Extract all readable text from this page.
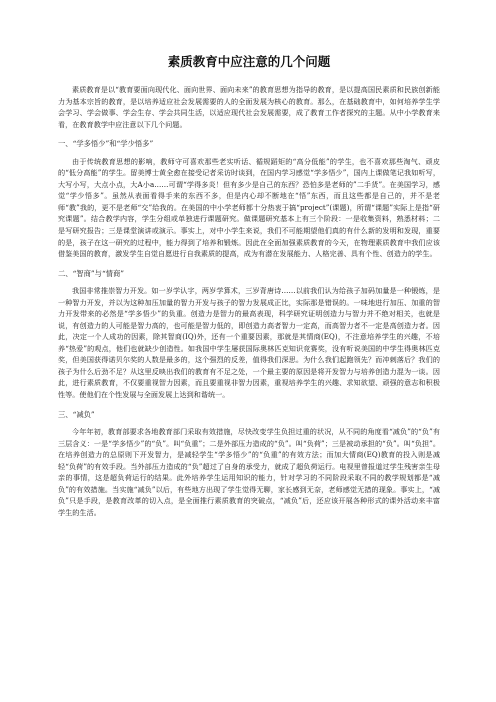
素质教育中应注意的几个问题

素质教育是以“教育要面向现代化、面向世界、面向未来”的教育思想为指导的教育，是以提高国民素质和民族创新能力为基本宗旨的教育，是以培养适应社会发展需要的人的全面发展为核心的教育。那么，在基础教育中，如何培养学生学会学习、学会做事、学会生存、学会共同生活，以适应现代社会发展需要，成了教育工作者探究的主题。从中小学教育来看，在教育教学中应注意以下几个问题。

一、“学多悟少”和“学少悟多”

由于传统教育思想的影响，教师守可喜欢那些老实听话、循规蹈矩的“高分低能”的学生，也不喜欢那些淘气、顽皮的“低分高能”的学生。留美博士黄全愈在接受记者采访时谈到，在国内学习感觉“学多悟少”，国内上课做笔记我如听写，大写小写，大点小点，大A小a……可谓“学得多炎！但有多少是自己的东西？恐怕多是老师的”二手货”。在美国学习，感觉“学少悟多”。虽然从表面看得手来的东西不多，但是内心却不断地在“悟”东西，而且这些都是自己的，并不是老师“教”我的，更不是老师“交”给我的。在美国的中小学老师都十分热衷于搞“project”(课题)，所谓“课题”实际上是指“研究课题”。结合教学内容，学生分组或单独进行课题研究。做课题研究基本上有三个阶段：一是收集资料，熟悉材料；二是写研究报告；三是课堂演讲或演示。事实上，对中小学生来说，我们不可能期望他们真的有什么新的发明和发现，重要的是，孩子在这一研究的过程中，能力得到了培养和锻炼。因此在全面加强素质教育的今天，在物理素质教育中我们应该借鉴美国的教育，激发学生自觉自愿进行自我素质的提高，成为有潜在发展能力、人格完善、具有个性、创造力的学生。

二、“智商”与“情商”

我国非常推崇智力开发。如一岁学认字，两岁学算术，三岁背唐诗……以前我们认为给孩子加码加量是一种锻炼，是一种智力开发，并以为这种加压加量的智力开发与孩子的智力发展成正比，实际那是错误的。一味地进行加压、加重的智力开发带来的必然是“学多悟少”的负重。创造力是智力的最高表现，科学研究证明创造力与智力并不绝对相关，也就是说，有创造力的人可能是智力高的，也可能是智力低的，即创造力高者智力一定高，而高智力者不一定是高创造力者。因此，决定一个人成功的因素，除其智商(IQ)外，还有一个重要因素，那就是其情商(EQ)，不注意培养学生的兴趣，不培养“热爱”的观点，他们也就缺少创造性。如我国中学生屡获国际奥林匹克知识竞赛奖，没有听说美国的中学生得奥林匹克奖，但美国获得诺贝尔奖的人数是最多的，这个强烈的反差，值得我们深思。为什么我们起跑领先？而冲刺落后？我们的孩子为什么后劲不足？从这里反映出我们的教育有不足之处，一个最主要的原因是将开发智力与培养创造力混为一谈。因此，进行素质教育，不仅要重视智力因素，而且要重视非智力因素，重视培养学生的兴趣、求知欲望、顽强的意志和积极性等。使他们在个性发展与全面发展上达到和谐统一。

三、“减负”

今年年初，教育部要求各地教育部门采取有效措施，尽快改变学生负担过重的状况，从不同的角度看“减负”的“负”有三层含义：一是“学多悟少”的“负”。叫“负重”；二是外部压力造成的“负”。叫“负荷”；三是被动承担的“负”。叫“负担”。在培养创造力的总原则下开发智力，是减轻学生“学多悟少”的“负重”的有效方法；而加大情商(EQ)教育的投入则是减轻“负荷”的有效手段。当外部压力造成的“负”超过了自身的承受力，就成了超负荷运行。电视里曾报道过学生残害亲生母亲的事情，这是超负荷运行的结果。此外培养学生运用知识的能力，针对学习的不同阶段采取不同的教学规划都是“减负”的有效措施。当实施“减负”以后，有些地方出现了学生觉得无聊，家长感到无奈，老师感觉无措的现象。事实上，“减负”只是手段，是教育改革的切入点，是全面推行素质教育的突破点，“减负”后，还应该开展各种形式的课外活动来丰富学生的生活。
